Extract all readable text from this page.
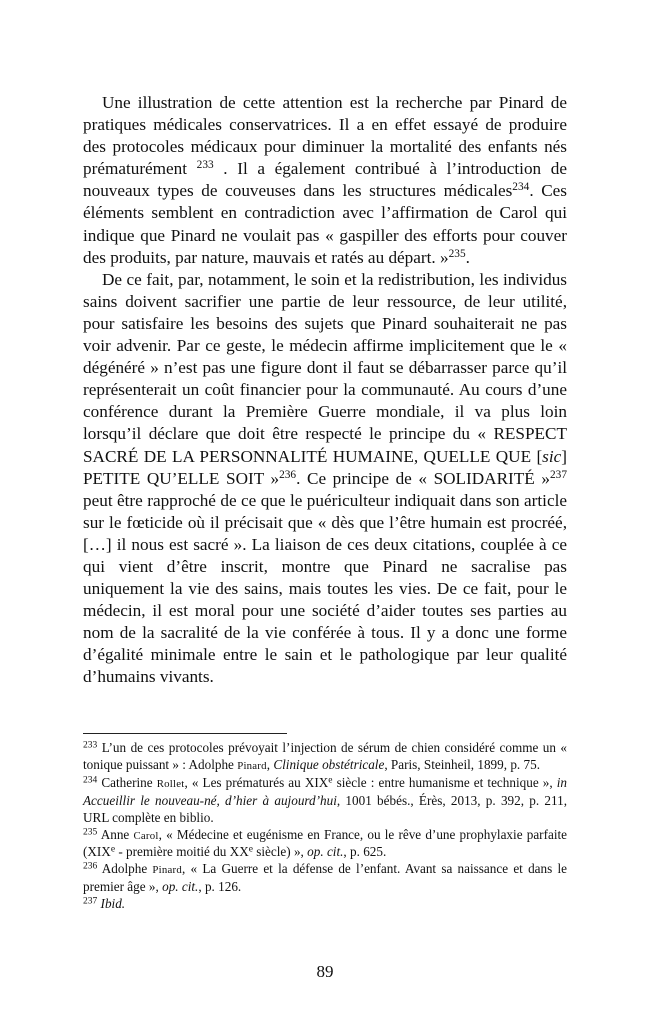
Une illustration de cette attention est la recherche par Pinard de pratiques médicales conservatrices. Il a en effet essayé de produire des protocoles médicaux pour diminuer la mortalité des enfants nés prématurément $^{233}$ . Il a également contribué à l’introduction de nouveaux types de couveuses dans les structures médicales$^{234}$. Ces éléments semblent en contradiction avec l’affirmation de Carol qui indique que Pinard ne voulait pas « gaspiller des efforts pour couver des produits, par nature, mauvais et ratés au départ. »$^{235}$.

De ce fait, par, notamment, le soin et la redistribution, les individus sains doivent sacrifier une partie de leur ressource, de leur utilité, pour satisfaire les besoins des sujets que Pinard souhaiterait ne pas voir advenir. Par ce geste, le médecin affirme implicitement que le « dégénéré » n’est pas une figure dont il faut se débarrasser parce qu’il représenterait un coût financier pour la communauté. Au cours d’une conférence durant la Première Guerre mondiale, il va plus loin lorsqu’il déclare que doit être respecté le principe du « RESPECT SACRÉ DE LA PERSONNALITÉ HUMAINE, QUELLE QUE [sic] PETITE QU’ELLE SOIT »$^{236}$. Ce principe de « SOLIDARITÉ »$^{237}$ peut être rapproché de ce que le puériculteur indiquait dans son article sur le fœticide où il précisait que « dès que l’être humain est procréé, […] il nous est sacré ». La liaison de ces deux citations, couplée à ce qui vient d’être inscrit, montre que Pinard ne sacralise pas uniquement la vie des sains, mais toutes les vies. De ce fait, pour le médecin, il est moral pour une société d’aider toutes ses parties au nom de la sacralité de la vie conférée à tous. Il y a donc une forme d’égalité minimale entre le sain et le pathologique par leur qualité d’humains vivants.

$^{233}$ L’un de ces protocoles prévoyait l’injection de sérum de chien considéré comme un « tonique puissant » : Adolphe Pinard, Clinique obstétricale, Paris, Steinheil, 1899, p. 75.

$^{234}$ Catherine Rollet, « Les prématurés au XIXe siècle : entre humanisme et technique », in Accueillir le nouveau-né, d’hier à aujourd’hui, 1001 bébés., Érès, 2013, p. 392, p. 211, URL complète en biblio.

$^{235}$ Anne Carol, « Médecine et eugénisme en France, ou le rêve d’une prophylaxie parfaite (XIXe - première moitié du XXe siècle) », op. cit., p. 625.

$^{236}$ Adolphe Pinard, « La Guerre et la défense de l’enfant. Avant sa naissance et dans le premier âge », op. cit., p. 126.

$^{237}$ Ibid.

89
